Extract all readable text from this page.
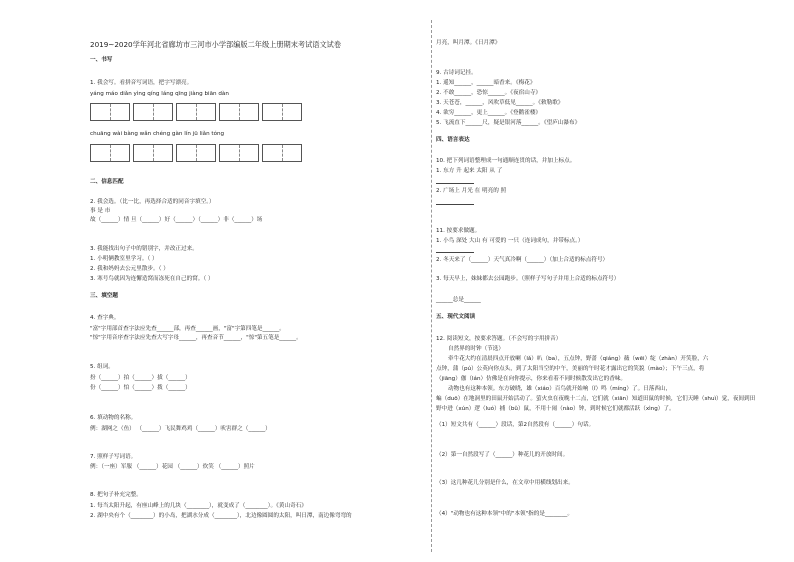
2019~2020学年河北省廊坊市三河市小学部编版二年级上册期末考试语文试卷
一、书写
1. 我会写。看拼音写词语，把字写漂亮。
yáng máo diǎn yìng qíng láng qīng jiàng biān dàn
chuāng wài bàng wǎn chéng gàn lín jū liǎn tóng
二、信息匹配
2. 我会选。（比一比，再选择合适的同音字填空。）
事 是 市
故（______）情 旦（______）好（______）（______）非（______）场
3. 我能找出句子中的错别字，并改正过来。
1. 小明俩教室里学习。（ ）
2. 我和妈妈去公元里散步。（ ）
3. 寒号鸟就因为连懈造窝而冻死在自己的窝。（ ）
三、填空题
4. 查字典。
"富"字用部首查字法应先查______部，再查______画，"富"字第四笔是______。
"惊"字用音序查字法应先查大写字母______，再查音节______，"惊"第五笔是______。
5. 组词。
扮（______）拍（______）拔（______）
份（______）怕（______）拨（______）
6. 填动物的名称。
例：湖网之（鱼） （______）飞民舞鸡鸡（______）吠害群之（______）
7. 照样子写词语。
例：（一座）军服 （______）花园 （______）炊笑 （______）照片
8. 把句子补充完整。
1. 每当太阳升起，有座山峰上的几块（________），就变成了（________）。《黄山奇石》
2. 湖中央有个（________）的小岛，把湖水分成（________），北边像圆圆的太阳，叫日潭，南边像弯弯的
月亮，叫月潭。《日月潭》
9. 古诗词记挂。
1. 遥知______，______暗香来。《梅花》
2. 不敢______，恐惊______。《夜宿山寺》
3. 天苍苍，______，风吹草低见______。《敕勒歌》
4. 欲穷______，更上______。《登鹳雀楼》
5. 飞流直下______尺，疑是银河落______。《望庐山瀑布》
四、语言表达
10. 把下列词语整理成一句通顺连贯的话，并加上标点。
1. 东方 升 起来 太阳 从 了
2. 广场上 月光 在 明亮的 照
11. 按要求做题。
1. 小鸟 深处 大山 有 可爱的 一只（连词成句，并带标点。）
2. 冬天来了（______）天气真冷啊（______）（加上合适的标点符号）
3. 每天早上，妹妹都去公园跑步。（照样子写句子并用上合适的标点符号）
______总是______
五、现代文阅读
12. 阅读短文，按要求答题。（不会写的字用拼音）
自然界的时钟（节选）
牵牛花大约在清晨四点开放喇（lǎ）叭（ba），五点钟，野蔷（qiáng）薇（wēi）绽（zhàn）开笑脸，六
点钟，蒲（pú）公英向你点头，到了太阳当空的中午，美丽的午时花才露出它的笑貌（mào）；下午三点，将
（jiāng）伽（lán）仿佛是在向你提示，你来看着不同时候散发出它的香味。
动物也有这种本领。东方破晓，雄（xiáo）百鸟就开始响（ǐ）鸣（míng）了。日落西山，
蝙（duō）在地洞里的田鼠开始活动了。萤火虫在夜晚十二点，它们就（xiān）知道田鼠的时候，它们天睡（shuì）觉，夜间到田
野中进（xún）逻（luó）捕（bǔ）鼠，不用十闹（nào）钟，到时候它们就都活跃（xìng）了。
（1）短文共有（______）段话，第2自然段有（______）句话。
（2）第一自然段写了（______）种花儿的开放时间。
（3）这几种花儿分别是什么，在文章中用横线划出来。
（4）"动物也有这种本领"中的"本领"指的是________。
